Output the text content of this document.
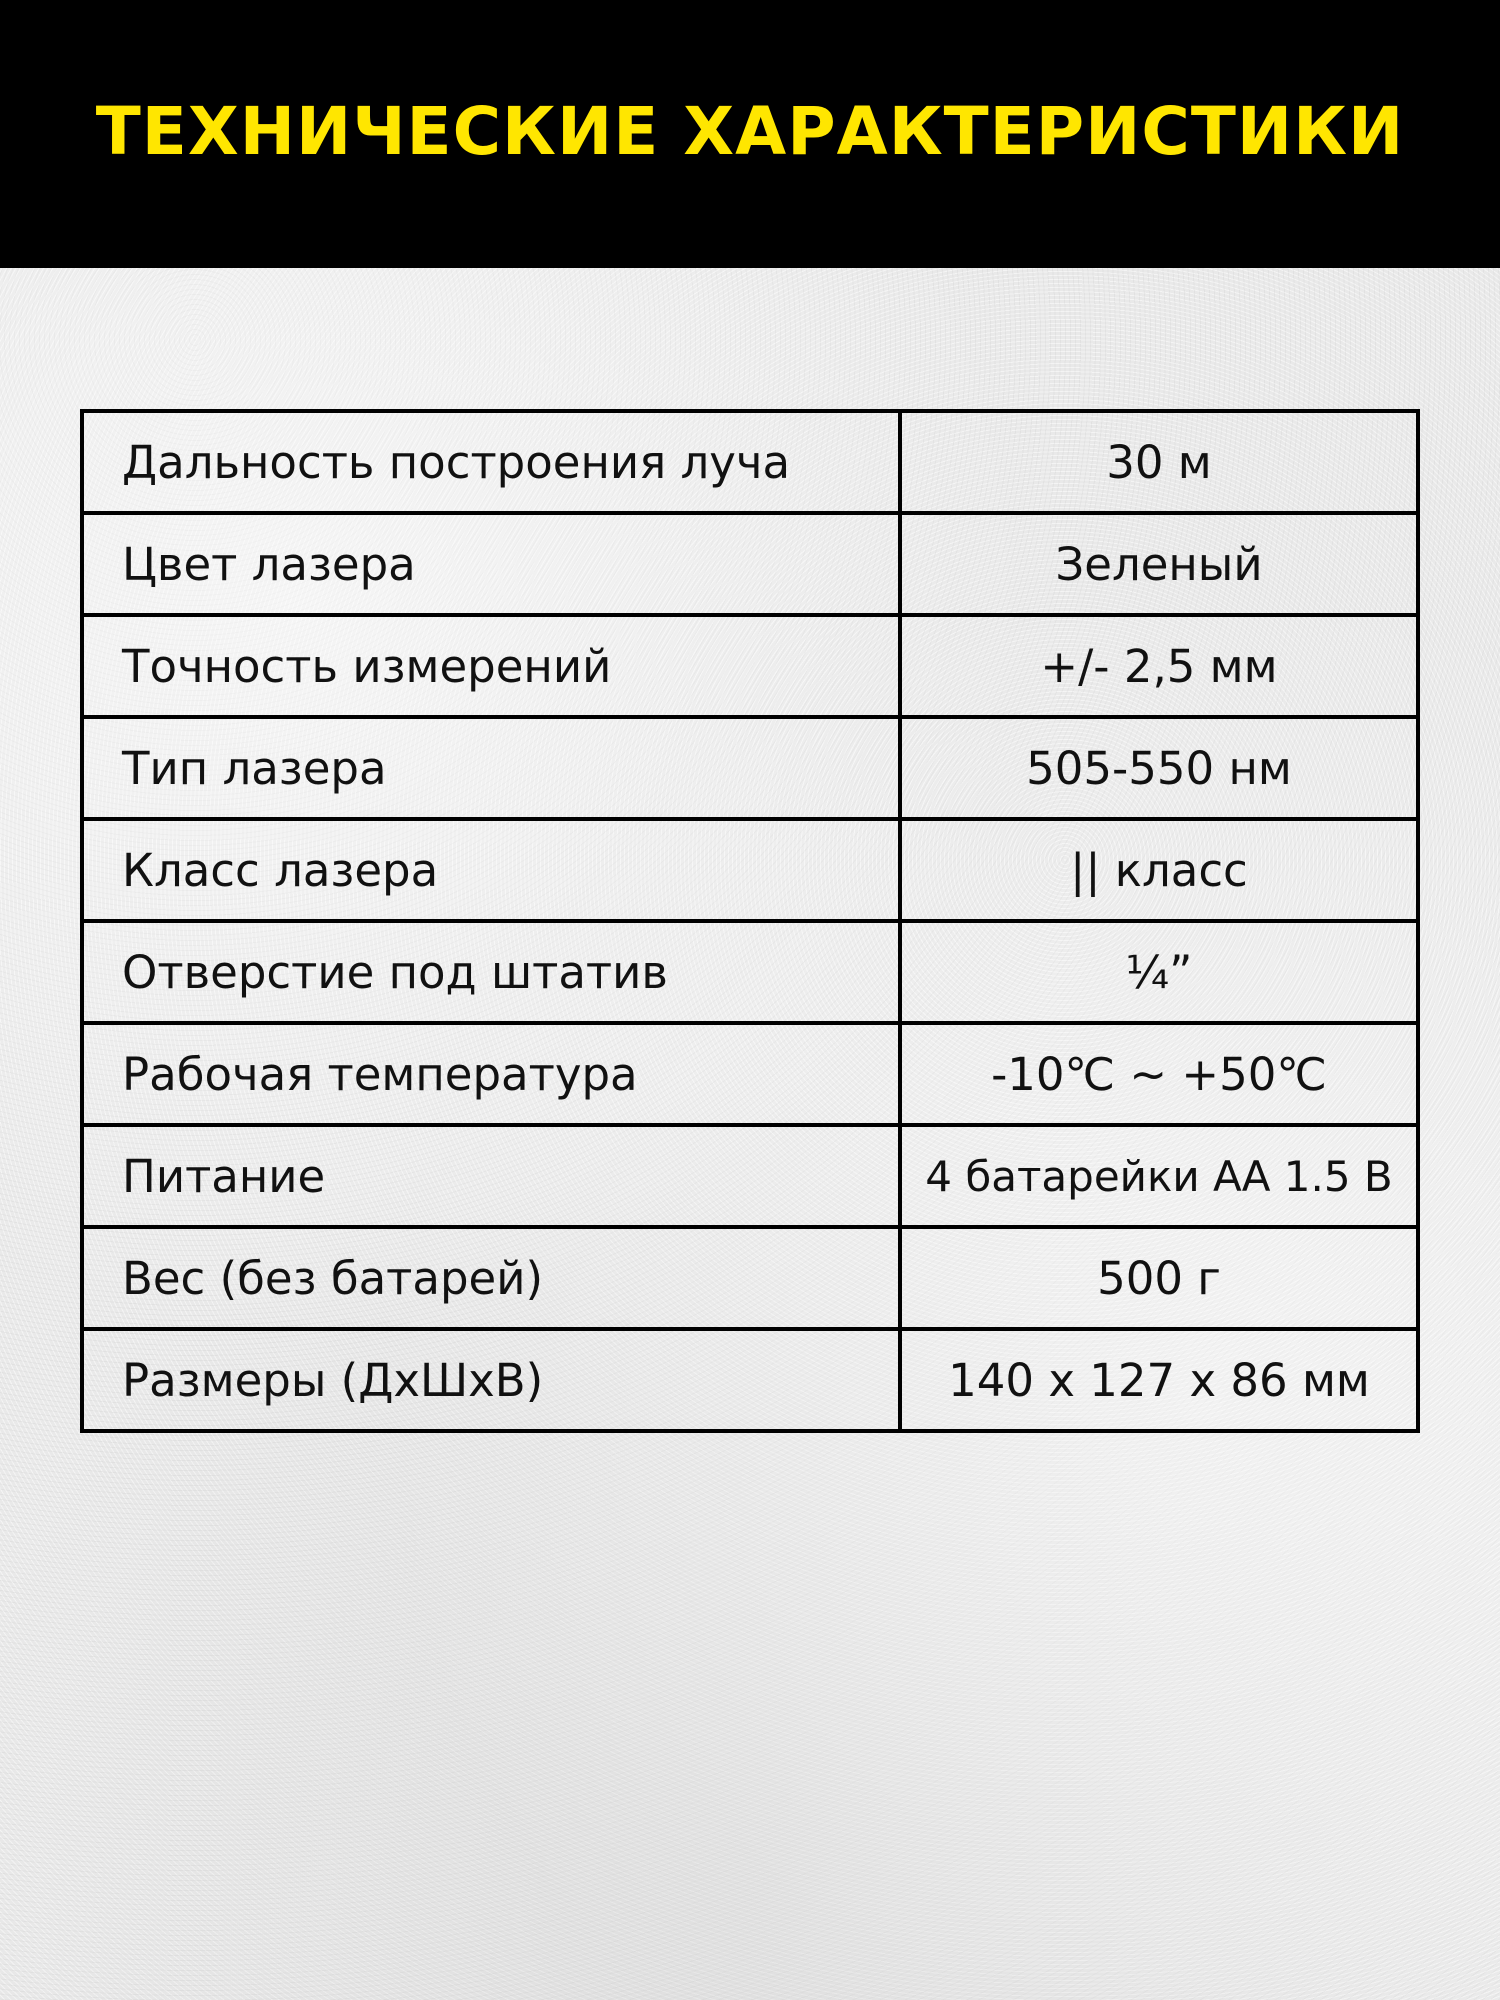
ТЕХНИЧЕСКИЕ ХАРАКТЕРИСТИКИ
Дальность построения луча	30 м
Цвет лазера	Зеленый
Точность измерений	+/- 2,5 мм
Тип лазера	505-550 нм
Класс лазера	|| класс
Отверстие под штатив	¼”
Рабочая температура	-10℃ ~ +50℃
Питание	4 батарейки АА 1.5 В
Вес (без батарей)	500 г
Размеры (ДхШхВ)	140 х 127 х 86 мм
